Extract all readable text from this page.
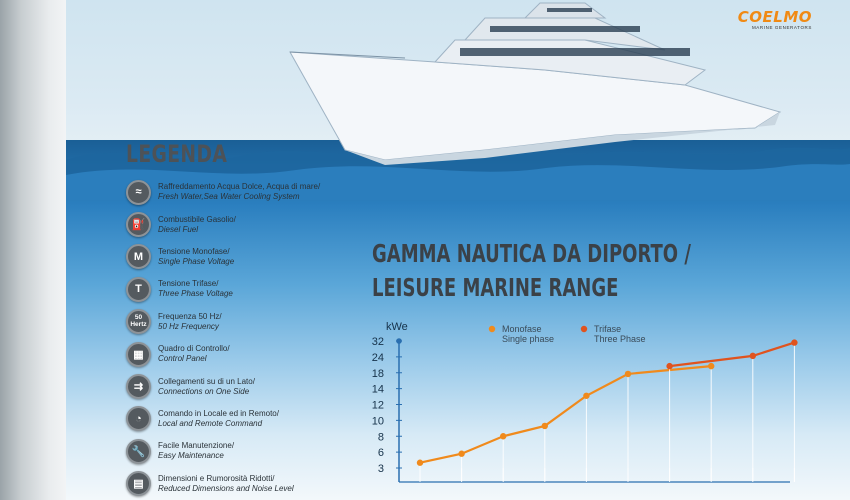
COELMO
MARINE GENERATORS
LEGENDA
≈	Raffreddamento Acqua Dolce, Acqua di mare/
Fresh Water,Sea Water Cooling System
⛽	Combustibile Gasolio/
Diesel Fuel
M	Tensione Monofase/
Single Phase Voltage
T	Tensione Trifase/
Three Phase Voltage
50 Hertz
Frequenza 50 Hz/
50 Hz Frequency
▦	Quadro di Controllo/
Control Panel
⇉	Collegamenti su di un Lato/
Connections on One Side
◔	Comando in Locale ed in Remoto/
Local and Remote Command
🔧	Facile Manutenzione/
Easy Maintenance
▤	Dimensioni e Rumorosità Ridotti/
Reduced Dimensions and Noise Level
GAMMA NAUTICA DA DIPORTO /
LEISURE MARINE RANGE
3
6
8
10
12
14
18
24
32
kWe	Monofase
Single phase
Trifase
Three Phase
